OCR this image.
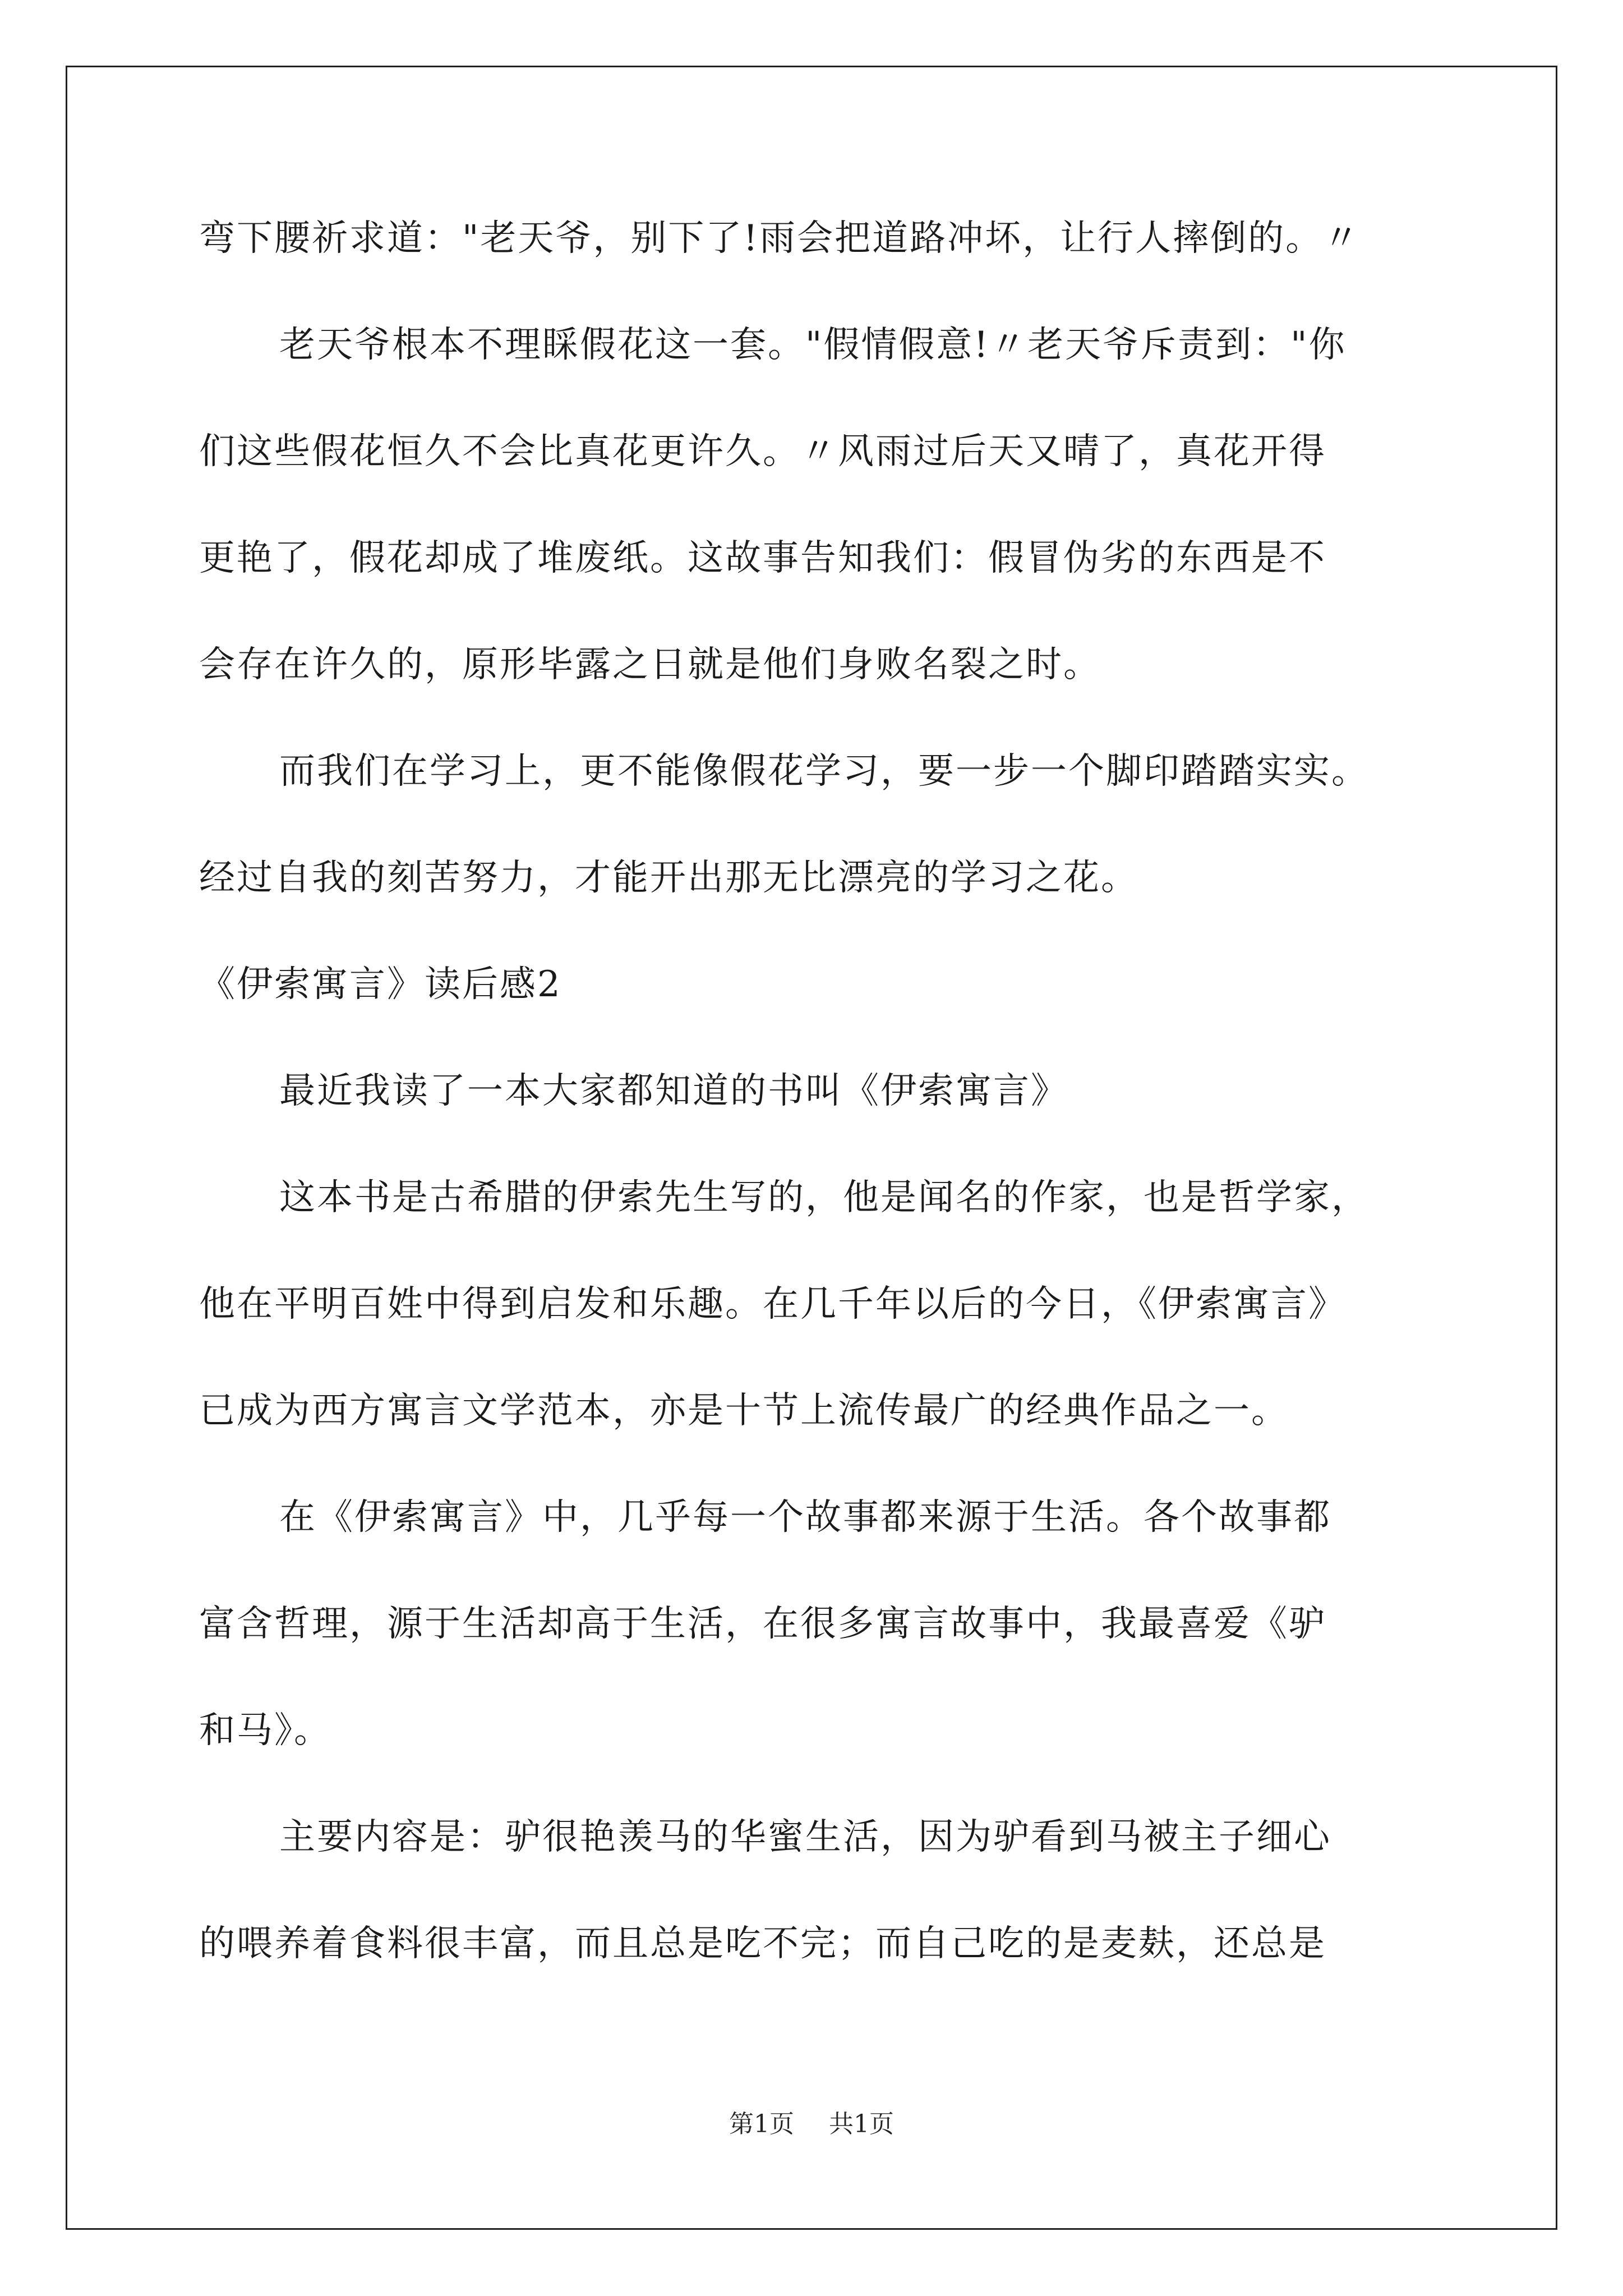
弯下腰祈求道："老天爷，别下了!雨会把道路冲坏，让行人摔倒的。〃
老天爷根本不理睬假花这一套。"假情假意!〃老天爷斥责到："你
们这些假花恒久不会比真花更许久。〃风雨过后天又晴了，真花开得
更艳了，假花却成了堆废纸。这故事告知我们：假冒伪劣的东西是不
会存在许久的，原形毕露之日就是他们身败名裂之时。
而我们在学习上，更不能像假花学习，要一步一个脚印踏踏实实。
经过自我的刻苦努力，才能开出那无比漂亮的学习之花。
《伊索寓言》读后感2
最近我读了一本大家都知道的书叫《伊索寓言》
这本书是古希腊的伊索先生写的，他是闻名的作家，也是哲学家，
他在平明百姓中得到启发和乐趣。在几千年以后的今日，《伊索寓言》
已成为西方寓言文学范本，亦是十节上流传最广的经典作品之一。
在《伊索寓言》中，几乎每一个故事都来源于生活。各个故事都
富含哲理，源于生活却高于生活，在很多寓言故事中，我最喜爱《驴
和马》。
主要内容是：驴很艳羡马的华蜜生活，因为驴看到马被主子细心
的喂养着食料很丰富，而且总是吃不完；而自己吃的是麦麸，还总是
第1页 共1页
